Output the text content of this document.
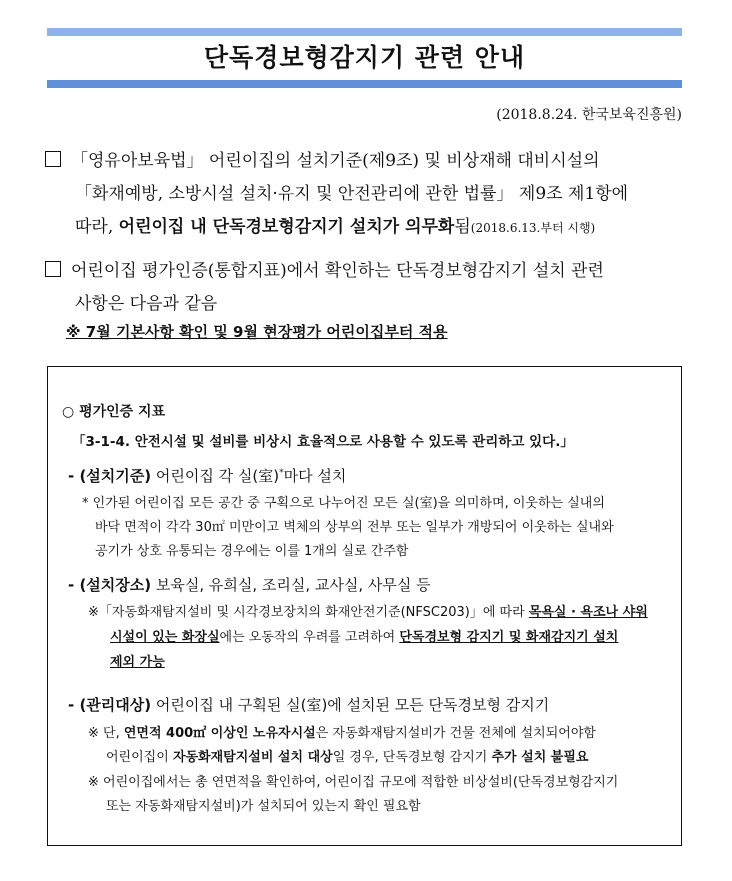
단독경보형감지기 관련 안내
(2018.8.24. 한국보육진흥원)
「영유아보육법」 어린이집의 설치기준(제9조) 및 비상재해 대비시설의
「화재예방, 소방시설 설치·유지 및 안전관리에 관한 법률」 제9조 제1항에
따라, 어린이집 내 단독경보형감지기 설치가 의무화됨(2018.6.13.부터 시행)
어린이집 평가인증(통합지표)에서 확인하는 단독경보형감지기 설치 관련
사항은 다음과 같음
※ 7월 기본사항 확인 및 9월 현장평가 어린이집부터 적용
○ 평가인증 지표
「3-1-4. 안전시설 및 설비를 비상시 효율적으로 사용할 수 있도록 관리하고 있다.」
- (설치기준) 어린이집 각 실(室)*마다 설치
* 인가된 어린이집 모든 공간 중 구획으로 나누어진 모든 실(室)을 의미하며, 이웃하는 실내의
바닥 면적이 각각 30㎡ 미만이고 벽체의 상부의 전부 또는 일부가 개방되어 이웃하는 실내와
공기가 상호 유통되는 경우에는 이를 1개의 실로 간주함
- (설치장소) 보육실, 유희실, 조리실, 교사실, 사무실 등
※「자동화재탐지설비 및 시각경보장치의 화재안전기준(NFSC203)」에 따라 목욕실 · 욕조나 샤워
시설이 있는 화장실에는 오동작의 우려를 고려하여 단독경보형 감지기 및 화재감지기 설치
제외 가능
- (관리대상) 어린이집 내 구획된 실(室)에 설치된 모든 단독경보형 감지기
※ 단, 연면적 400㎡ 이상인 노유자시설은 자동화재탐지설비가 건물 전체에 설치되어야함
어린이집이 자동화재탐지설비 설치 대상일 경우, 단독경보형 감지기 추가 설치 불필요
※ 어린이집에서는 총 연면적을 확인하여, 어린이집 규모에 적합한 비상설비(단독경보형감지기
또는 자동화재탐지설비)가 설치되어 있는지 확인 필요함
